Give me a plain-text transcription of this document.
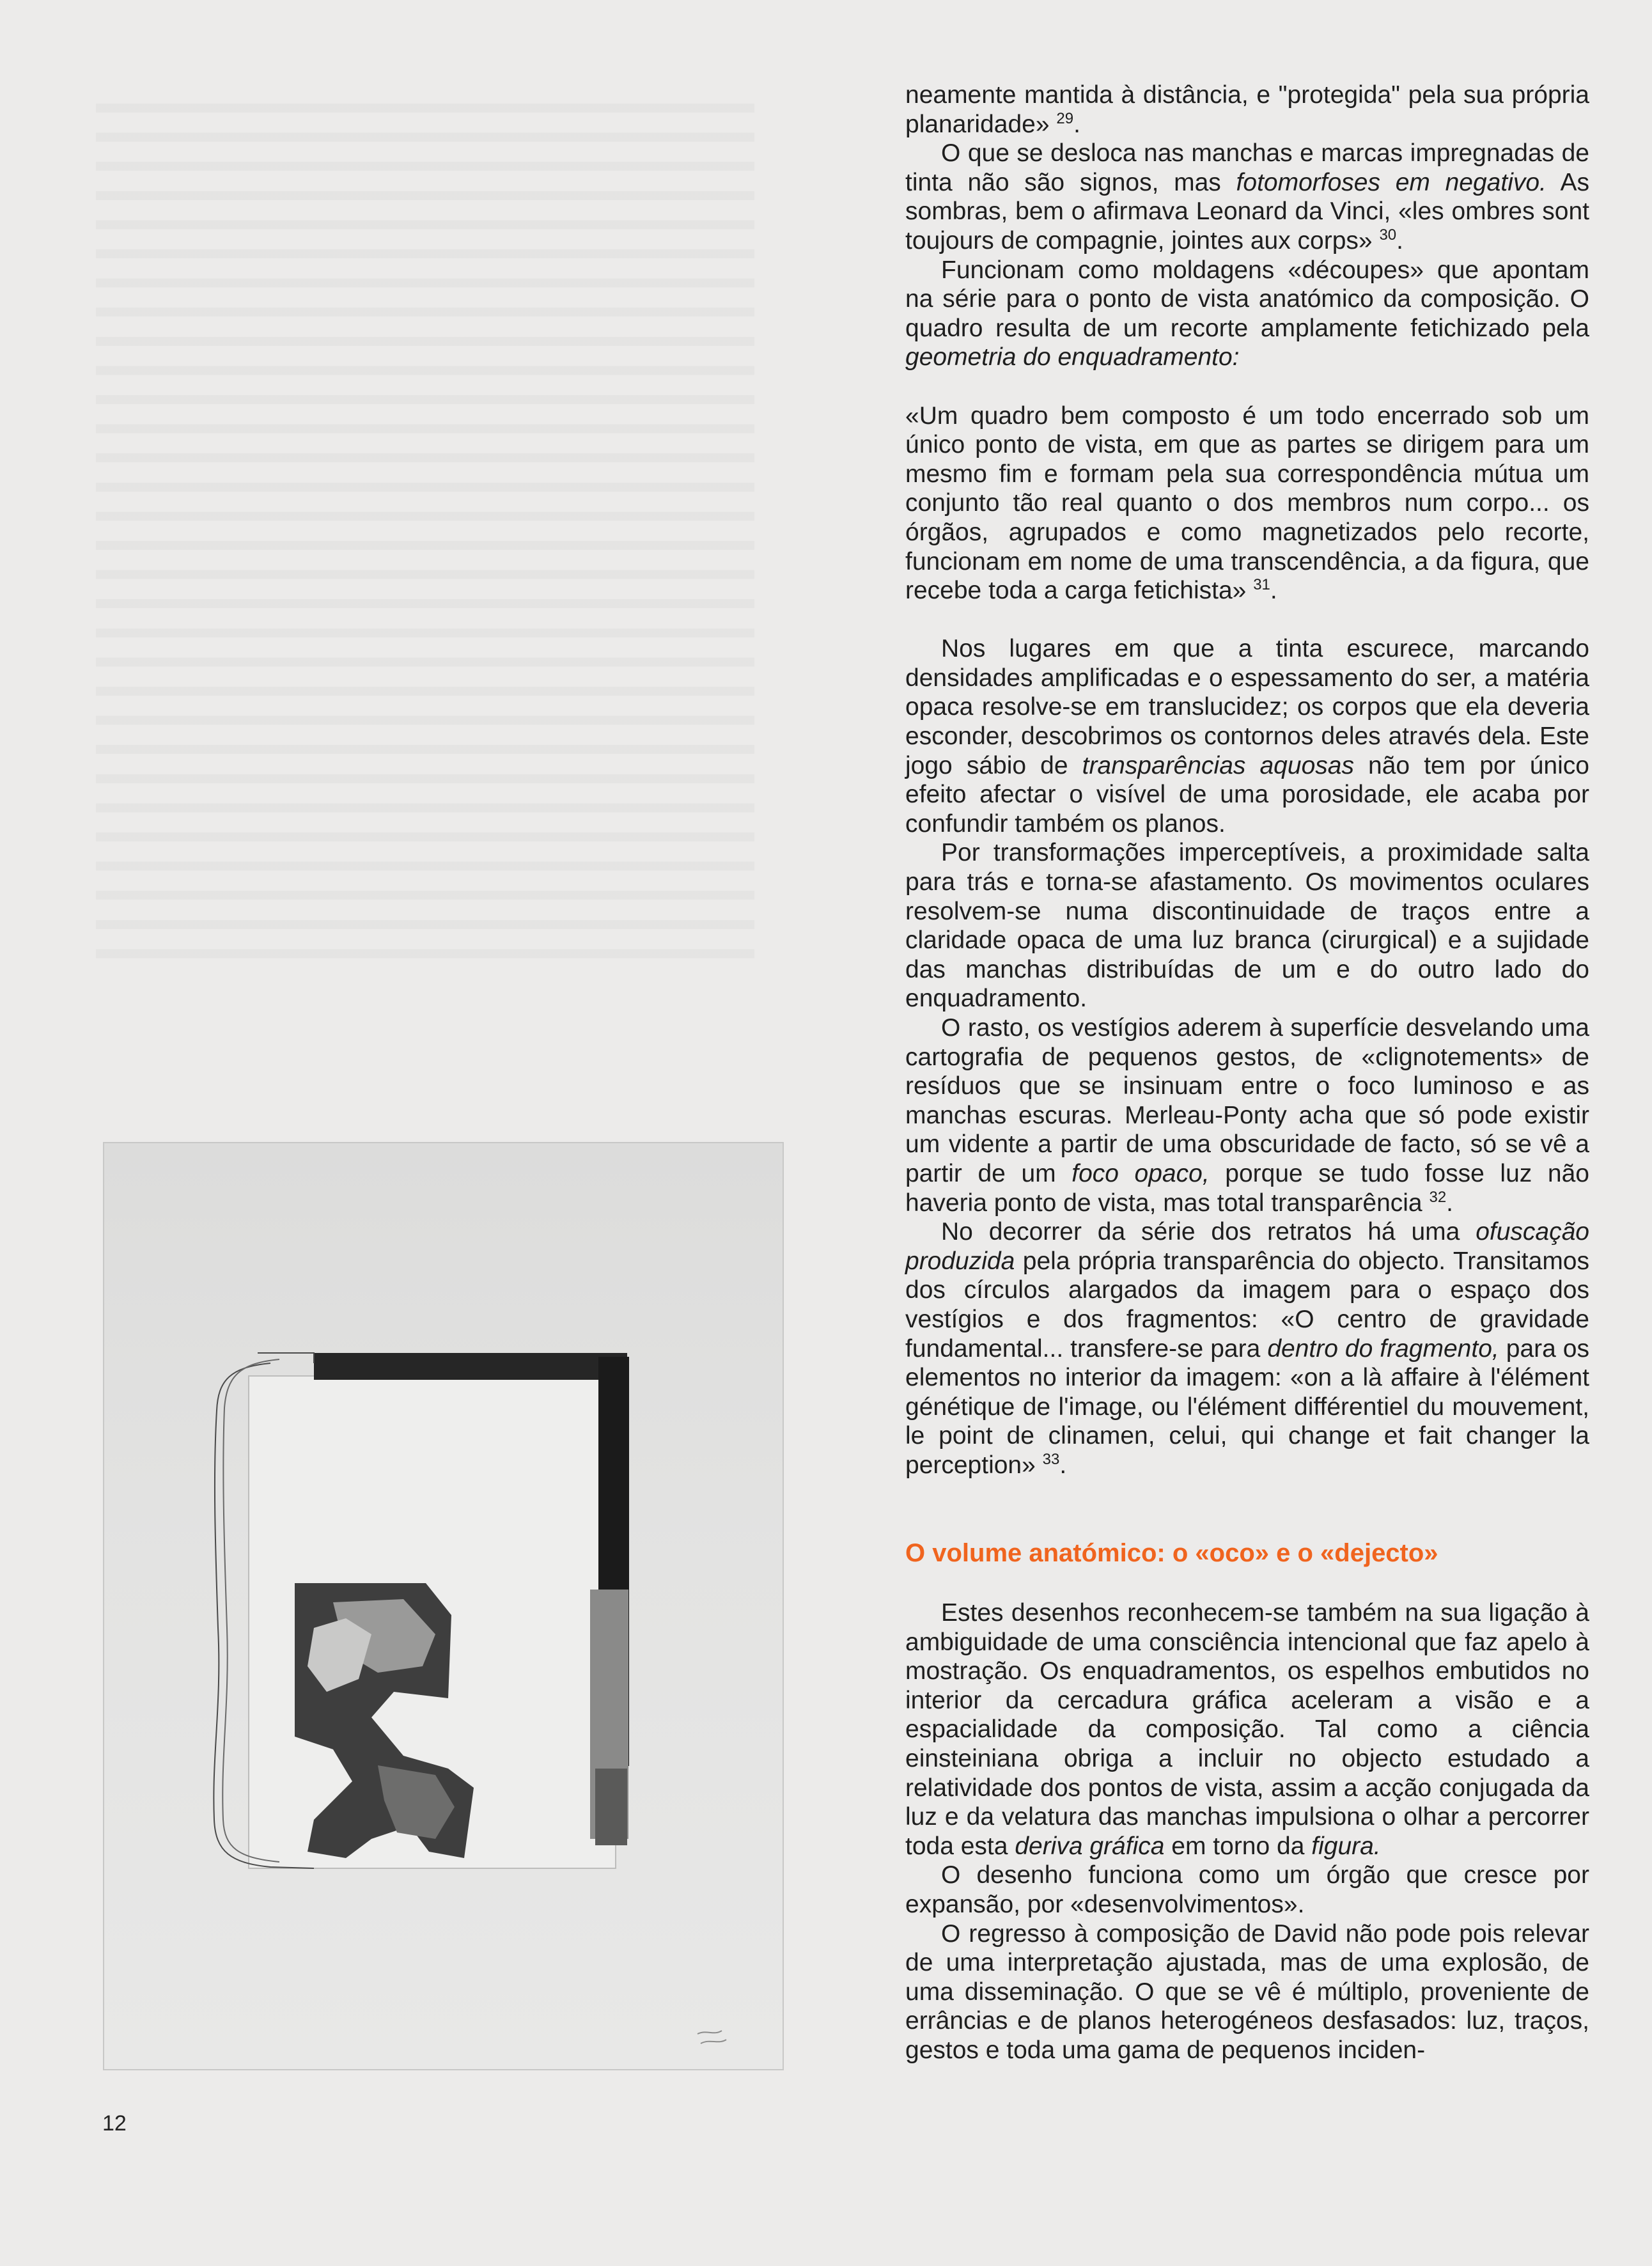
neamente mantida à distância, e "protegida" pela sua própria planaridade» $^{29}$.

O que se desloca nas manchas e marcas impregnadas de tinta não são signos, mas fotomorfoses em negativo. As sombras, bem o afirmava Leonard da Vinci, «les ombres sont toujours de compagnie, jointes aux corps» $^{30}$.

Funcionam como moldagens «découpes» que apontam na série para o ponto de vista anatómico da composição. O quadro resulta de um recorte amplamente fetichizado pela geometria do enquadramento:

«Um quadro bem composto é um todo encerrado sob um único ponto de vista, em que as partes se dirigem para um mesmo fim e formam pela sua correspondência mútua um conjunto tão real quanto o dos membros num corpo... os órgãos, agrupados e como magnetizados pelo recorte, funcionam em nome de uma transcendência, a da figura, que recebe toda a carga fetichista» $^{31}$.

Nos lugares em que a tinta escurece, marcando densidades amplificadas e o espessamento do ser, a matéria opaca resolve-se em translucidez; os corpos que ela deveria esconder, descobrimos os contornos deles através dela. Este jogo sábio de transparências aquosas não tem por único efeito afectar o visível de uma porosidade, ele acaba por confundir também os planos.

Por transformações imperceptíveis, a proximidade salta para trás e torna-se afastamento. Os movimentos oculares resolvem-se numa discontinuidade de traços entre a claridade opaca de uma luz branca (cirurgical) e a sujidade das manchas distribuídas de um e do outro lado do enquadramento.

O rasto, os vestígios aderem à superfície desvelando uma cartografia de pequenos gestos, de «clignotements» de resíduos que se insinuam entre o foco luminoso e as manchas escuras. Merleau-Ponty acha que só pode existir um vidente a partir de uma obscuridade de facto, só se vê a partir de um foco opaco, porque se tudo fosse luz não haveria ponto de vista, mas total transparência $^{32}$.

No decorrer da série dos retratos há uma ofuscação produzida pela própria transparência do objecto. Transitamos dos círculos alargados da imagem para o espaço dos vestígios e dos fragmentos: «O centro de gravidade fundamental... transfere-se para dentro do fragmento, para os elementos no interior da imagem: «on a là affaire à l'élément génétique de l'image, ou l'élément différentiel du mouvement, le point de clinamen, celui, qui change et fait changer la perception» $^{33}$.

O volume anatómico: o «oco» e o «dejecto»

Estes desenhos reconhecem-se também na sua ligação à ambiguidade de uma consciência intencional que faz apelo à mostração. Os enquadramentos, os espelhos embutidos no interior da cercadura gráfica aceleram a visão e a espacialidade da composição. Tal como a ciência einsteiniana obriga a incluir no objecto estudado a relatividade dos pontos de vista, assim a acção conjugada da luz e da velatura das manchas impulsiona o olhar a percorrer toda esta deriva gráfica em torno da figura.

O desenho funciona como um órgão que cresce por expansão, por «desenvolvimentos».

O regresso à composição de David não pode pois relevar de uma interpretação ajustada, mas de uma explosão, de uma disseminação. O que se vê é múltiplo, proveniente de errâncias e de planos heterogéneos desfasados: luz, traços, gestos e toda uma gama de pequenos inciden-

12
